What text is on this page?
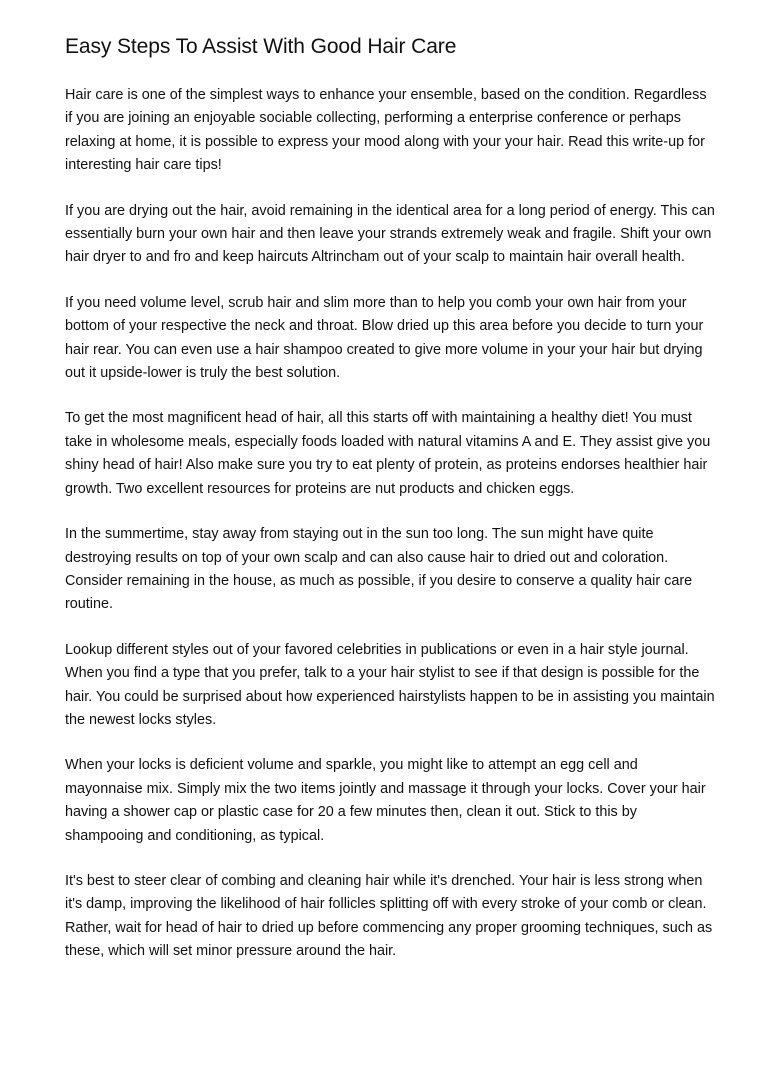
Easy Steps To Assist With Good Hair Care

Hair care is one of the simplest ways to enhance your ensemble, based on the condition. Regardless if you are joining an enjoyable sociable collecting, performing a enterprise conference or perhaps relaxing at home, it is possible to express your mood along with your your hair. Read this write-up for interesting hair care tips!

If you are drying out the hair, avoid remaining in the identical area for a long period of energy. This can essentially burn your own hair and then leave your strands extremely weak and fragile. Shift your own hair dryer to and fro and keep haircuts Altrincham out of your scalp to maintain hair overall health.

If you need volume level, scrub hair and slim more than to help you comb your own hair from your bottom of your respective the neck and throat. Blow dried up this area before you decide to turn your hair rear. You can even use a hair shampoo created to give more volume in your your hair but drying out it upside-lower is truly the best solution.

To get the most magnificent head of hair, all this starts off with maintaining a healthy diet! You must take in wholesome meals, especially foods loaded with natural vitamins A and E. They assist give you shiny head of hair! Also make sure you try to eat plenty of protein, as proteins endorses healthier hair growth. Two excellent resources for proteins are nut products and chicken eggs.

In the summertime, stay away from staying out in the sun too long. The sun might have quite destroying results on top of your own scalp and can also cause hair to dried out and coloration. Consider remaining in the house, as much as possible, if you desire to conserve a quality hair care routine.

Lookup different styles out of your favored celebrities in publications or even in a hair style journal. When you find a type that you prefer, talk to a your hair stylist to see if that design is possible for the hair. You could be surprised about how experienced hairstylists happen to be in assisting you maintain the newest locks styles.

When your locks is deficient volume and sparkle, you might like to attempt an egg cell and mayonnaise mix. Simply mix the two items jointly and massage it through your locks. Cover your hair having a shower cap or plastic case for 20 a few minutes then, clean it out. Stick to this by shampooing and conditioning, as typical.

It's best to steer clear of combing and cleaning hair while it's drenched. Your hair is less strong when it's damp, improving the likelihood of hair follicles splitting off with every stroke of your comb or clean. Rather, wait for head of hair to dried up before commencing any proper grooming techniques, such as these, which will set minor pressure around the hair.
